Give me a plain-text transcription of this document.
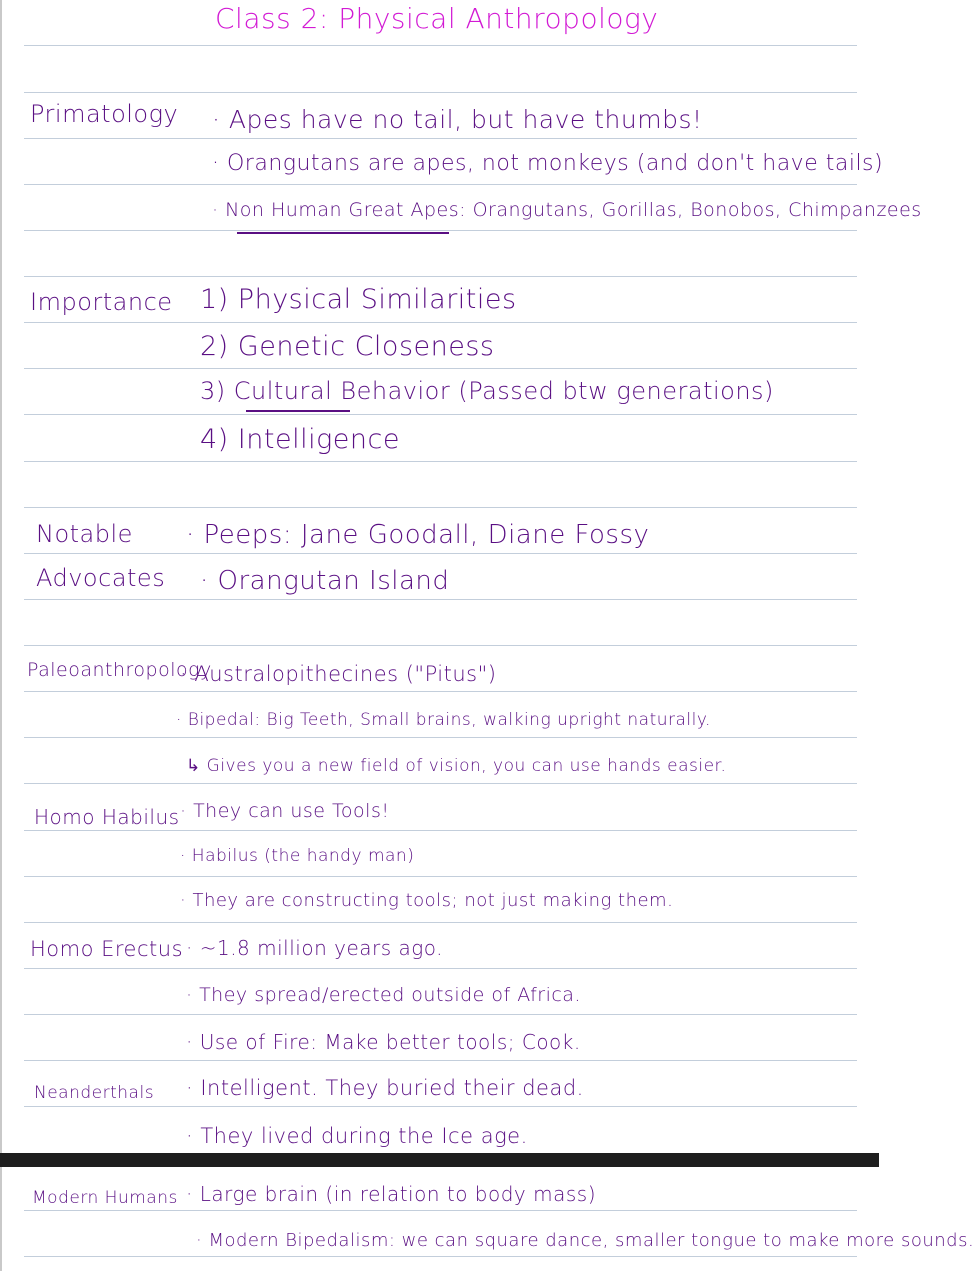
Class 2: Physical Anthropology
Primatology · Apes have no tail, but have thumbs!
· Orangutans are apes, not monkeys (and don't have tails)
· Non Human Great Apes: Orangutans, Gorillas, Bonobos, Chimpanzees
Importance 1) Physical Similarities
2) Genetic Closeness
3) Cultural Behavior (Passed btw generations)
4) Intelligence
Notable
Advocates
· Peeps: Jane Goodall, Diane Fossy
· Orangutan Island
Paleoanthropology
· Australopithecines ("Pitus")
· Bipedal: Big Teeth, Small brains, walking upright naturally.
↳ Gives you a new field of vision, you can use hands easier.
Homo Habilus · They can use Tools!
· Habilus (the handy man)
· They are constructing tools; not just making them.
Homo Erectus · ~1.8 million years ago.
· They spread/erected outside of Africa.
· Use of Fire: Make better tools; Cook.
Neanderthals · Intelligent. They buried their dead.
· They lived during the Ice age.
Modern Humans · Large brain (in relation to body mass)
· Modern Bipedalism: we can square dance, smaller tongue to make more sounds.
